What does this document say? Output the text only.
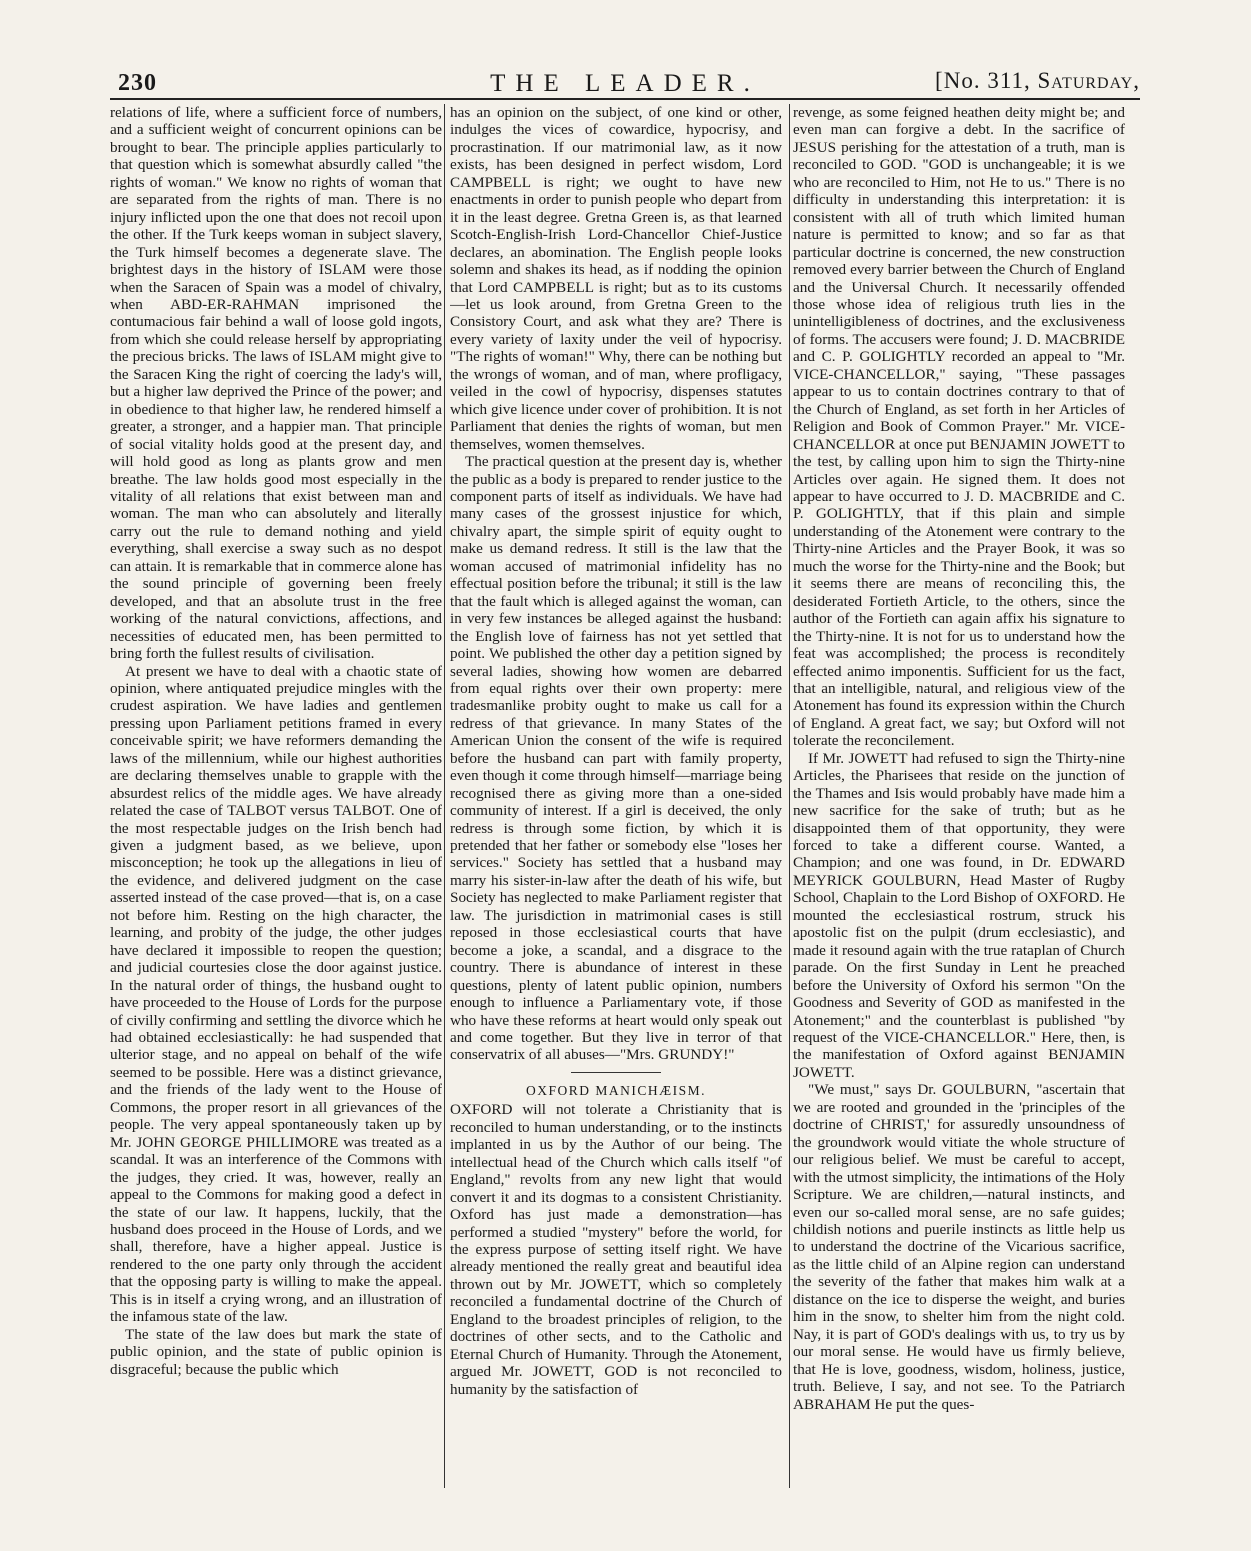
230	THE LEADER.	[No. 311, Saturday,

relations of life, where a sufficient force of numbers, and a sufficient weight of concurrent opinions can be brought to bear. The principle applies particularly to that question which is somewhat absurdly called "the rights of woman." We know no rights of woman that are separated from the rights of man. There is no injury inflicted upon the one that does not recoil upon the other. If the Turk keeps woman in subject slavery, the Turk himself becomes a degenerate slave. The brightest days in the history of ISLAM were those when the Saracen of Spain was a model of chivalry, when ABD-ER-RAHMAN imprisoned the contumacious fair behind a wall of loose gold ingots, from which she could release herself by appropriating the precious bricks. The laws of ISLAM might give to the Saracen King the right of coercing the lady's will, but a higher law deprived the Prince of the power; and in obedience to that higher law, he rendered himself a greater, a stronger, and a happier man. That principle of social vitality holds good at the present day, and will hold good as long as plants grow and men breathe. The law holds good most especially in the vitality of all relations that exist between man and woman. The man who can absolutely and literally carry out the rule to demand nothing and yield everything, shall exercise a sway such as no despot can attain. It is remarkable that in commerce alone has the sound principle of governing been freely developed, and that an absolute trust in the free working of the natural convictions, affections, and necessities of educated men, has been permitted to bring forth the fullest results of civilisation.

At present we have to deal with a chaotic state of opinion, where antiquated prejudice mingles with the crudest aspiration. We have ladies and gentlemen pressing upon Parliament petitions framed in every conceivable spirit; we have reformers demanding the laws of the millennium, while our highest authorities are declaring themselves unable to grapple with the absurdest relics of the middle ages. We have already related the case of TALBOT versus TALBOT. One of the most respectable judges on the Irish bench had given a judgment based, as we believe, upon misconception; he took up the allegations in lieu of the evidence, and delivered judgment on the case asserted instead of the case proved—that is, on a case not before him. Resting on the high character, the learning, and probity of the judge, the other judges have declared it impossible to reopen the question; and judicial courtesies close the door against justice. In the natural order of things, the husband ought to have proceeded to the House of Lords for the purpose of civilly confirming and settling the divorce which he had obtained ecclesiastically: he had suspended that ulterior stage, and no appeal on behalf of the wife seemed to be possible. Here was a distinct grievance, and the friends of the lady went to the House of Commons, the proper resort in all grievances of the people. The very appeal spontaneously taken up by Mr. JOHN GEORGE PHILLIMORE was treated as a scandal. It was an interference of the Commons with the judges, they cried. It was, however, really an appeal to the Commons for making good a defect in the state of our law. It happens, luckily, that the husband does proceed in the House of Lords, and we shall, therefore, have a higher appeal. Justice is rendered to the one party only through the accident that the opposing party is willing to make the appeal. This is in itself a crying wrong, and an illustration of the infamous state of the law.

The state of the law does but mark the state of public opinion, and the state of public opinion is disgraceful; because the public which

has an opinion on the subject, of one kind or other, indulges the vices of cowardice, hypocrisy, and procrastination. If our matrimonial law, as it now exists, has been designed in perfect wisdom, Lord CAMPBELL is right; we ought to have new enactments in order to punish people who depart from it in the least degree. Gretna Green is, as that learned Scotch-English-Irish Lord-Chancellor Chief-Justice declares, an abomination. The English people looks solemn and shakes its head, as if nodding the opinion that Lord CAMPBELL is right; but as to its customs—let us look around, from Gretna Green to the Consistory Court, and ask what they are? There is every variety of laxity under the veil of hypocrisy. "The rights of woman!" Why, there can be nothing but the wrongs of woman, and of man, where profligacy, veiled in the cowl of hypocrisy, dispenses statutes which give licence under cover of prohibition. It is not Parliament that denies the rights of woman, but men themselves, women themselves.

The practical question at the present day is, whether the public as a body is prepared to render justice to the component parts of itself as individuals. We have had many cases of the grossest injustice for which, chivalry apart, the simple spirit of equity ought to make us demand redress. It still is the law that the woman accused of matrimonial infidelity has no effectual position before the tribunal; it still is the law that the fault which is alleged against the woman, can in very few instances be alleged against the husband: the English love of fairness has not yet settled that point. We published the other day a petition signed by several ladies, showing how women are debarred from equal rights over their own property: mere tradesmanlike probity ought to make us call for a redress of that grievance. In many States of the American Union the consent of the wife is required before the husband can part with family property, even though it come through himself—marriage being recognised there as giving more than a one-sided community of interest. If a girl is deceived, the only redress is through some fiction, by which it is pretended that her father or somebody else "loses her services." Society has settled that a husband may marry his sister-in-law after the death of his wife, but Society has neglected to make Parliament register that law. The jurisdiction in matrimonial cases is still reposed in those ecclesiastical courts that have become a joke, a scandal, and a disgrace to the country. There is abundance of interest in these questions, plenty of latent public opinion, numbers enough to influence a Parliamentary vote, if those who have these reforms at heart would only speak out and come together. But they live in terror of that conservatrix of all abuses—"Mrs. GRUNDY!"

OXFORD MANICHÆISM.

OXFORD will not tolerate a Christianity that is reconciled to human understanding, or to the instincts implanted in us by the Author of our being. The intellectual head of the Church which calls itself "of England," revolts from any new light that would convert it and its dogmas to a consistent Christianity. Oxford has just made a demonstration—has performed a studied "mystery" before the world, for the express purpose of setting itself right. We have already mentioned the really great and beautiful idea thrown out by Mr. JOWETT, which so completely reconciled a fundamental doctrine of the Church of England to the broadest principles of religion, to the doctrines of other sects, and to the Catholic and Eternal Church of Humanity. Through the Atonement, argued Mr. JOWETT, GOD is not reconciled to humanity by the satisfaction of

revenge, as some feigned heathen deity might be; and even man can forgive a debt. In the sacrifice of JESUS perishing for the attestation of a truth, man is reconciled to GOD. "GOD is unchangeable; it is we who are reconciled to Him, not He to us." There is no difficulty in understanding this interpretation: it is consistent with all of truth which limited human nature is permitted to know; and so far as that particular doctrine is concerned, the new construction removed every barrier between the Church of England and the Universal Church. It necessarily offended those whose idea of religious truth lies in the unintelligibleness of doctrines, and the exclusiveness of forms. The accusers were found; J. D. MACBRIDE and C. P. GOLIGHTLY recorded an appeal to "Mr. VICE-CHANCELLOR," saying, "These passages appear to us to contain doctrines contrary to that of the Church of England, as set forth in her Articles of Religion and Book of Common Prayer." Mr. VICE-CHANCELLOR at once put BENJAMIN JOWETT to the test, by calling upon him to sign the Thirty-nine Articles over again. He signed them. It does not appear to have occurred to J. D. MACBRIDE and C. P. GOLIGHTLY, that if this plain and simple understanding of the Atonement were contrary to the Thirty-nine Articles and the Prayer Book, it was so much the worse for the Thirty-nine and the Book; but it seems there are means of reconciling this, the desiderated Fortieth Article, to the others, since the author of the Fortieth can again affix his signature to the Thirty-nine. It is not for us to understand how the feat was accomplished; the process is reconditely effected animo imponentis. Sufficient for us the fact, that an intelligible, natural, and religious view of the Atonement has found its expression within the Church of England. A great fact, we say; but Oxford will not tolerate the reconcilement.

If Mr. JOWETT had refused to sign the Thirty-nine Articles, the Pharisees that reside on the junction of the Thames and Isis would probably have made him a new sacrifice for the sake of truth; but as he disappointed them of that opportunity, they were forced to take a different course. Wanted, a Champion; and one was found, in Dr. EDWARD MEYRICK GOULBURN, Head Master of Rugby School, Chaplain to the Lord Bishop of OXFORD. He mounted the ecclesiastical rostrum, struck his apostolic fist on the pulpit (drum ecclesiastic), and made it resound again with the true rataplan of Church parade. On the first Sunday in Lent he preached before the University of Oxford his sermon "On the Goodness and Severity of GOD as manifested in the Atonement;" and the counterblast is published "by request of the VICE-CHANCELLOR." Here, then, is the manifestation of Oxford against BENJAMIN JOWETT.

"We must," says Dr. GOULBURN, "ascertain that we are rooted and grounded in the 'principles of the doctrine of CHRIST,' for assuredly unsoundness of the groundwork would vitiate the whole structure of our religious belief. We must be careful to accept, with the utmost simplicity, the intimations of the Holy Scripture. We are children,—natural instincts, and even our so-called moral sense, are no safe guides; childish notions and puerile instincts as little help us to understand the doctrine of the Vicarious sacrifice, as the little child of an Alpine region can understand the severity of the father that makes him walk at a distance on the ice to disperse the weight, and buries him in the snow, to shelter him from the night cold. Nay, it is part of GOD's dealings with us, to try us by our moral sense. He would have us firmly believe, that He is love, goodness, wisdom, holiness, justice, truth. Believe, I say, and not see. To the Patriarch ABRAHAM He put the ques-
